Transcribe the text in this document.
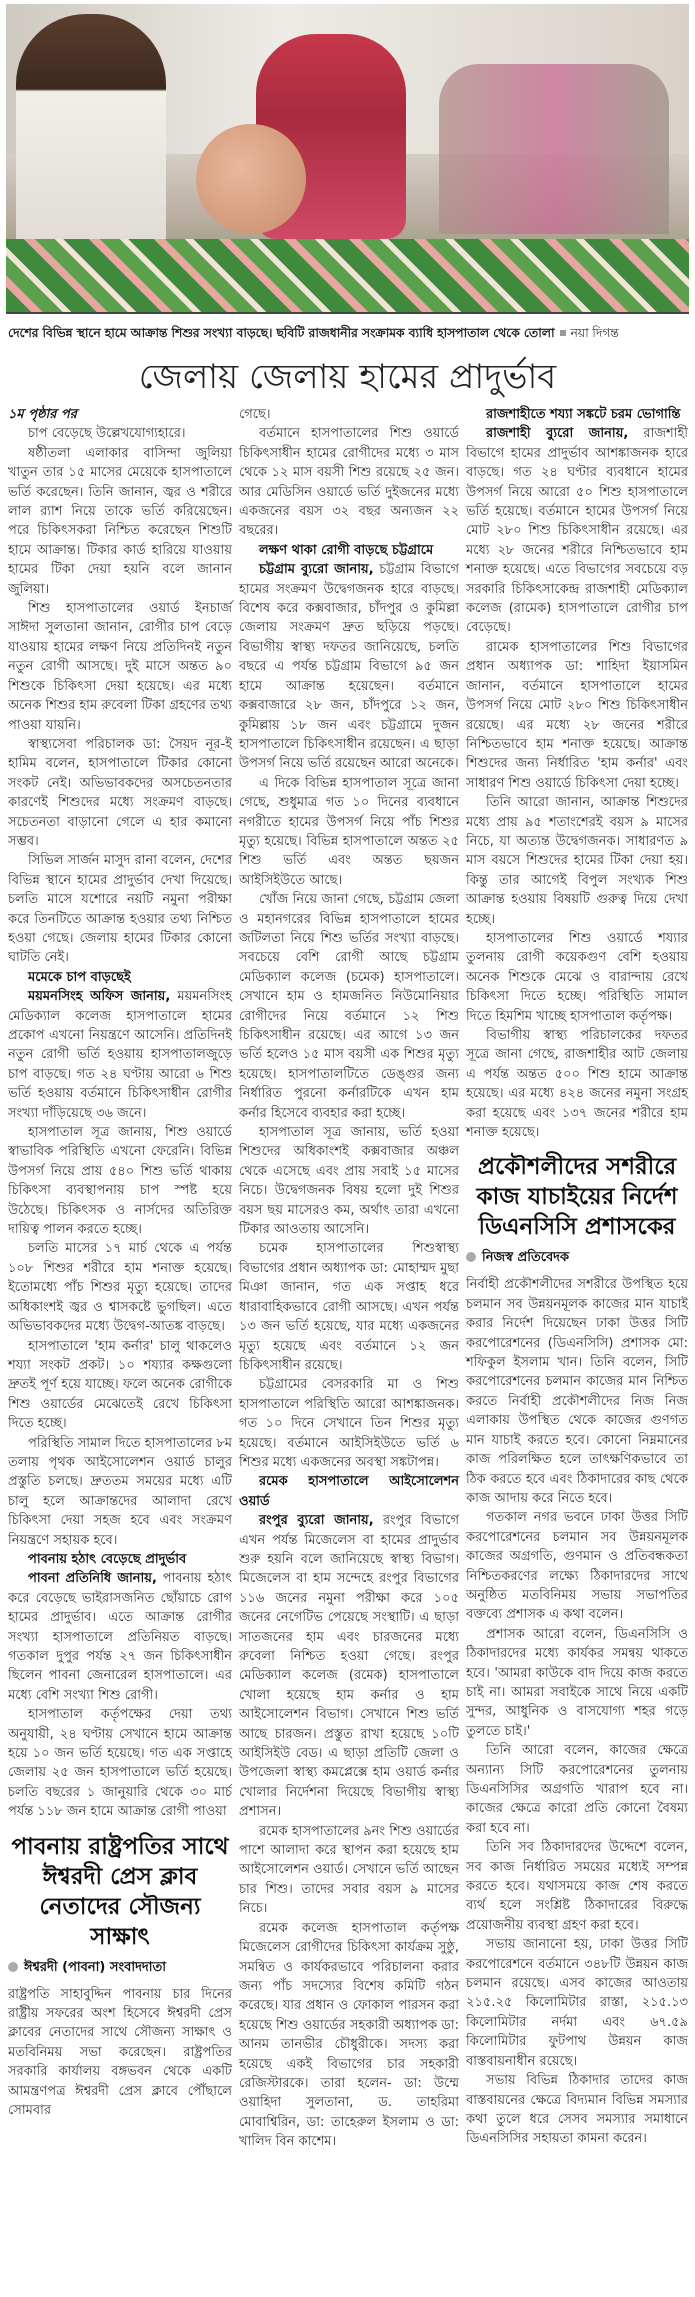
দেশের বিভিন্ন স্থানে হামে আক্রান্ত শিশুর সংখ্যা বাড়ছে। ছবিটি রাজধানীর সংক্রামক ব্যাধি হাসপাতাল থেকে তোলা নয়া দিগন্ত
জেলায় জেলায় হামের প্রাদুর্ভাব

১ম পৃষ্ঠার পর

চাপ বেড়েছে উল্লেখযোগ্যহারে।

ষষ্ঠীতলা এলাকার বাসিন্দা জুলিয়া খাতুন তার ১৫ মাসের মেয়েকে হাসপাতালে ভর্তি করেছেন। তিনি জানান, জ্বর ও শরীরে লাল র‍্যাশ নিয়ে তাকে ভর্তি করিয়েছেন। পরে চিকিৎসকরা নিশ্চিত করেছেন শিশুটি হামে আক্রান্ত। টিকার কার্ড হারিয়ে যাওয়ায় হামের টিকা দেয়া হয়নি বলে জানান জুলিয়া।

শিশু হাসপাতালের ওয়ার্ড ইনচার্জ সাঈদা সুলতানা জানান, রোগীর চাপ বেড়ে যাওয়ায় হামের লক্ষণ নিয়ে প্রতিদিনই নতুন নতুন রোগী আসছে। দুই মাসে অন্তত ৯০ শিশুকে চিকিৎসা দেয়া হয়েছে। এর মধ্যে অনেক শিশুর হাম রুবেলা টিকা গ্রহণের তথ্য পাওয়া যায়নি।

স্বাস্থ্যসেবা পরিচালক ডা: সৈয়দ নূর-ই হামিম বলেন, হাসপাতালে টিকার কোনো সংকট নেই। অভিভাবকদের অসচেতনতার কারণেই শিশুদের মধ্যে সংক্রমণ বাড়ছে। সচেতনতা বাড়ানো গেলে এ হার কমানো সম্ভব।

সিভিল সার্জন মাসুদ রানা বলেন, দেশের বিভিন্ন স্থানে হামের প্রাদুর্ভাব দেখা দিয়েছে। চলতি মাসে যশোরে নয়টি নমুনা পরীক্ষা করে তিনটিতে আক্রান্ত হওয়ার তথ্য নিশ্চিত হওয়া গেছে। জেলায় হামের টিকার কোনো ঘাটতি নেই।

মমেকে চাপ বাড়ছেই

ময়মনসিংহ অফিস জানায়, ময়মনসিংহ মেডিক্যাল কলেজ হাসপাতালে হামের প্রকোপ এখনো নিয়ন্ত্রণে আসেনি। প্রতিদিনই নতুন রোগী ভর্তি হওয়ায় হাসপাতালজুড়ে চাপ বাড়ছে। গত ২৪ ঘণ্টায় আরো ৬ শিশু ভর্তি হওয়ায় বর্তমানে চিকিৎসাধীন রোগীর সংখ্যা দাঁড়িয়েছে ৩৬ জনে।

হাসপাতাল সূত্র জানায়, শিশু ওয়ার্ডে স্বাভাবিক পরিস্থিতি এখনো ফেরেনি। বিভিন্ন উপসর্গ নিয়ে প্রায় ৫৪০ শিশু ভর্তি থাকায় চিকিৎসা ব্যবস্থাপনায় চাপ স্পষ্ট হয়ে উঠেছে। চিকিৎসক ও নার্সদের অতিরিক্ত দায়িত্ব পালন করতে হচ্ছে।

চলতি মাসের ১৭ মার্চ থেকে এ পর্যন্ত ১০৮ শিশুর শরীরে হাম শনাক্ত হয়েছে। ইতোমধ্যে পাঁচ শিশুর মৃত্যু হয়েছে। তাদের অধিকাংশই জ্বর ও শ্বাসকষ্টে ভুগছিল। এতে অভিভাবকদের মধ্যে উদ্বেগ-আতঙ্ক বাড়ছে।

হাসপাতালে 'হাম কর্নার' চালু থাকলেও শয্যা সংকট প্রকট। ১০ শয্যার কক্ষগুলো দ্রুতই পূর্ণ হয়ে যাচ্ছে। ফলে অনেক রোগীকে শিশু ওয়ার্ডের মেঝেতেই রেখে চিকিৎসা দিতে হচ্ছে।

পরিস্থিতি সামাল দিতে হাসপাতালের ৮ম তলায় পৃথক আইসোলেশন ওয়ার্ড চালুর প্রস্তুতি চলছে। দ্রুততম সময়ের মধ্যে এটি চালু হলে আক্রান্তদের আলাদা রেখে চিকিৎসা দেয়া সহজ হবে এবং সংক্রমণ নিয়ন্ত্রণে সহায়ক হবে।

পাবনায় হঠাৎ বেড়েছে প্রাদুর্ভাব

পাবনা প্রতিনিধি জানায়, পাবনায় হঠাৎ করে বেড়েছে ভাইরাসজনিত ছোঁয়াচে রোগ হামের প্রাদুর্ভাব। এতে আক্রান্ত রোগীর সংখ্যা হাসপাতালে প্রতিনিয়ত বাড়ছে। গতকাল দুপুর পর্যন্ত ২৭ জন চিকিৎসাধীন ছিলেন পাবনা জেনারেল হাসপাতালে। এর মধ্যে বেশি সংখ্যা শিশু রোগী।

হাসপাতাল কর্তৃপক্ষের দেয়া তথ্য অনুযায়ী, ২৪ ঘণ্টায় সেখানে হামে আক্রান্ত হয়ে ১০ জন ভর্তি হয়েছে। গত এক সপ্তাহে জেলায় ২৫ জন হাসপাতালে ভর্তি হয়েছে। চলতি বছরের ১ জানুয়ারি থেকে ৩০ মার্চ পর্যন্ত ১১৮ জন হামে আক্রান্ত রোগী পাওয়া

পাবনায় রাষ্ট্রপতির সাথে ঈশ্বরদী প্রেস ক্লাব নেতাদের সৌজন্য সাক্ষাৎ
ঈশ্বরদী (পাবনা) সংবাদদাতা

রাষ্ট্রপতি সাহাবুদ্দিন পাবনায় চার দিনের রাষ্ট্রীয় সফরের অংশ হিসেবে ঈশ্বরদী প্রেস ক্লাবের নেতাদের সাথে সৌজন্য সাক্ষাৎ ও মতবিনিময় সভা করেছেন। রাষ্ট্রপতির সরকারি কার্যালয় বঙ্গভবন থেকে একটি আমন্ত্রণপত্র ঈশ্বরদী প্রেস ক্লাবে পৌঁছালে সোমবার

গেছে।

বর্তমানে হাসপাতালের শিশু ওয়ার্ডে চিকিৎসাধীন হামের রোগীদের মধ্যে ৩ মাস থেকে ১২ মাস বয়সী শিশু রয়েছে ২৫ জন। আর মেডিসিন ওয়ার্ডে ভর্তি দুইজনের মধ্যে একজনের বয়স ৩২ বছর অন্যজন ২২ বছরের।

লক্ষণ থাকা রোগী বাড়ছে চট্টগ্রামে

চট্টগ্রাম ব্যুরো জানায়, চট্টগ্রাম বিভাগে হামের সংক্রমণ উদ্বেগজনক হারে বাড়ছে। বিশেষ করে কক্সবাজার, চাঁদপুর ও কুমিল্লা জেলায় সংক্রমণ দ্রুত ছড়িয়ে পড়ছে। বিভাগীয় স্বাস্থ্য দফতর জানিয়েছে, চলতি বছরে এ পর্যন্ত চট্টগ্রাম বিভাগে ৯৫ জন হামে আক্রান্ত হয়েছেন। বর্তমানে কক্সবাজারে ২৮ জন, চাঁদপুরে ১২ জন, কুমিল্লায় ১৮ জন এবং চট্টগ্রামে দুজন হাসপাতালে চিকিৎসাধীন রয়েছেন। এ ছাড়া উপসর্গ নিয়ে ভর্তি রয়েছেন আরো অনেকে।

এ দিকে বিভিন্ন হাসপাতাল সূত্রে জানা গেছে, শুধুমাত্র গত ১০ দিনের ব্যবধানে নগরীতে হামের উপসর্গ নিয়ে পাঁচ শিশুর মৃত্যু হয়েছে। বিভিন্ন হাসপাতালে অন্তত ২৫ শিশু ভর্তি এবং অন্তত ছয়জন আইসিইউতে আছে।

খোঁজ নিয়ে জানা গেছে, চট্টগ্রাম জেলা ও মহানগরের বিভিন্ন হাসপাতালে হামের জটিলতা নিয়ে শিশু ভর্তির সংখ্যা বাড়ছে। সবচেয়ে বেশি রোগী আছে চট্টগ্রাম মেডিক্যাল কলেজ (চমেক) হাসপাতালে। সেখানে হাম ও হামজনিত নিউমোনিয়ার রোগীদের নিয়ে বর্তমানে ১২ শিশু চিকিৎসাধীন রয়েছে। এর আগে ১৩ জন ভর্তি হলেও ১৫ মাস বয়সী এক শিশুর মৃত্যু হয়েছে। হাসপাতালটিতে ডেঙ্গুর জন্য নির্ধারিত পুরনো কর্নারটিকে এখন হাম কর্নার হিসেবে ব্যবহার করা হচ্ছে।

হাসপাতাল সূত্র জানায়, ভর্তি হওয়া শিশুদের অধিকাংশই কক্সবাজার অঞ্চল থেকে এসেছে এবং প্রায় সবাই ১৫ মাসের নিচে। উদ্বেগজনক বিষয় হলো দুই শিশুর বয়স ছয় মাসেরও কম, অর্থাৎ তারা এখনো টিকার আওতায় আসেনি।

চমেক হাসপাতালের শিশুস্বাস্থ্য বিভাগের প্রধান অধ্যাপক ডা: মোহাম্মদ মুছা মিঞা জানান, গত এক সপ্তাহ ধরে ধারাবাহিকভাবে রোগী আসছে। এখন পর্যন্ত ১৩ জন ভর্তি হয়েছে, যার মধ্যে একজনের মৃত্যু হয়েছে এবং বর্তমানে ১২ জন চিকিৎসাধীন রয়েছে।

চট্টগ্রামের বেসরকারি মা ও শিশু হাসপাতালে পরিস্থিতি আরো আশঙ্কাজনক। গত ১০ দিনে সেখানে তিন শিশুর মৃত্যু হয়েছে। বর্তমানে আইসিইউতে ভর্তি ৬ শিশুর মধ্যে একজনের অবস্থা সঙ্কটাপন্ন।

রমেক হাসপাতালে আইসোলেশন ওয়ার্ড

রংপুর ব্যুরো জানায়, রংপুর বিভাগে এখন পর্যন্ত মিজেলেস বা হামের প্রাদুর্ভাব শুরু হয়নি বলে জানিয়েছে স্বাস্থ্য বিভাগ। মিজেলেস বা হাম সন্দেহে রংপুর বিভাগের ১১৬ জনের নমুনা পরীক্ষা করে ১০৫ জনের নেগেটিভ পেয়েছে সংস্থাটি। এ ছাড়া সাতজনের হাম এবং চারজনের মধ্যে রুবেলা নিশ্চিত হওয়া গেছে। রংপুর মেডিক্যাল কলেজ (রমেক) হাসপাতালে খোলা হয়েছে হাম কর্নার ও হাম আইসোলেশন বিভাগ। সেখানে শিশু ভর্তি আছে চারজন। প্রস্তুত রাখা হয়েছে ১০টি আইসিইউ বেড। এ ছাড়া প্রতিটি জেলা ও উপজেলা স্বাস্থ্য কমপ্লেক্সে হাম ওয়ার্ড কর্নার খোলার নির্দেশনা দিয়েছে বিভাগীয় স্বাস্থ্য প্রশাসন।

রমেক হাসপাতালের ৯নং শিশু ওয়ার্ডের পাশে আলাদা করে স্থাপন করা হয়েছে হাম আইসোলেশন ওয়ার্ড। সেখানে ভর্তি আছেন চার শিশু। তাদের সবার বয়স ৯ মাসের নিচে।

রমেক কলেজ হাসপাতাল কর্তৃপক্ষ মিজেলেস রোগীদের চিকিৎসা কার্যক্রম সুষ্ঠু, সমন্বিত ও কার্যকরভাবে পরিচালনা করার জন্য পাঁচ সদস্যের বিশেষ কমিটি গঠন করেছে। যার প্রধান ও ফোকাল পারসন করা হয়েছে শিশু ওয়ার্ডের সহকারী অধ্যাপক ডা: আনম তানভীর চৌধুরীকে। সদস্য করা হয়েছে একই বিভাগের চার সহকারী রেজিস্টারকে। তারা হলেন- ডা: উম্মে ওয়াহিদা সুলতানা, ড. তাহরিমা মোবাশ্বিরিন, ডা: তাহেরুল ইসলাম ও ডা: খালিদ বিন কাশেম।

রাজশাহীতে শয্যা সঙ্কটে চরম ভোগান্তি

রাজশাহী ব্যুরো জানায়, রাজশাহী বিভাগে হামের প্রাদুর্ভাব আশঙ্কাজনক হারে বাড়ছে। গত ২৪ ঘণ্টার ব্যবধানে হামের উপসর্গ নিয়ে আরো ৫০ শিশু হাসপাতালে ভর্তি হয়েছে। বর্তমানে হামের উপসর্গ নিয়ে মোট ২৮০ শিশু চিকিৎসাধীন রয়েছে। এর মধ্যে ২৮ জনের শরীরে নিশ্চিতভাবে হাম শনাক্ত হয়েছে। এতে বিভাগের সবচেয়ে বড় সরকারি চিকিৎসাকেন্দ্র রাজশাহী মেডিক্যাল কলেজ (রামেক) হাসপাতালে রোগীর চাপ বেড়েছে।

রামেক হাসপাতালের শিশু বিভাগের প্রধান অধ্যাপক ডা: শাহিদা ইয়াসমিন জানান, বর্তমানে হাসপাতালে হামের উপসর্গ নিয়ে মোট ২৮০ শিশু চিকিৎসাধীন রয়েছে। এর মধ্যে ২৮ জনের শরীরে নিশ্চিতভাবে হাম শনাক্ত হয়েছে। আক্রান্ত শিশুদের জন্য নির্ধারিত 'হাম কর্নার' এবং সাধারণ শিশু ওয়ার্ডে চিকিৎসা দেয়া হচ্ছে।

তিনি আরো জানান, আক্রান্ত শিশুদের মধ্যে প্রায় ৯৫ শতাংশেরই বয়স ৯ মাসের নিচে, যা অত্যন্ত উদ্বেগজনক। সাধারণত ৯ মাস বয়সে শিশুদের হামের টিকা দেয়া হয়। কিন্তু তার আগেই বিপুল সংখ্যক শিশু আক্রান্ত হওয়ায় বিষয়টি গুরুত্ব দিয়ে দেখা হচ্ছে।

হাসপাতালের শিশু ওয়ার্ডে শয্যার তুলনায় রোগী কয়েকগুণ বেশি হওয়ায় অনেক শিশুকে মেঝে ও বারান্দায় রেখে চিকিৎসা দিতে হচ্ছে। পরিস্থিতি সামাল দিতে হিমশিম খাচ্ছে হাসপাতাল কর্তৃপক্ষ।

বিভাগীয় স্বাস্থ্য পরিচালকের দফতর সূত্রে জানা গেছে, রাজশাহীর আট জেলায় এ পর্যন্ত অন্তত ৫০০ শিশু হামে আক্রান্ত হয়েছে। এর মধ্যে ৪২৪ জনের নমুনা সংগ্রহ করা হয়েছে এবং ১৩৭ জনের শরীরে হাম শনাক্ত হয়েছে।

প্রকৌশলীদের সশরীরে কাজ যাচাইয়ের নির্দেশ ডিএনসিসি প্রশাসকের
নিজস্ব প্রতিবেদক

নির্বাহী প্রকৌশলীদের সশরীরে উপস্থিত হয়ে চলমান সব উন্নয়নমূলক কাজের মান যাচাই করার নির্দেশ দিয়েছেন ঢাকা উত্তর সিটি করপোরেশনের (ডিএনসিসি) প্রশাসক মো: শফিকুল ইসলাম খান। তিনি বলেন, সিটি করপোরেশনের চলমান কাজের মান নিশ্চিত করতে নির্বাহী প্রকৌশলীদের নিজ নিজ এলাকায় উপস্থিত থেকে কাজের গুণগত মান যাচাই করতে হবে। কোনো নিম্নমানের কাজ পরিলক্ষিত হলে তাৎক্ষণিকভাবে তা ঠিক করতে হবে এবং ঠিকাদারের কাছ থেকে কাজ আদায় করে নিতে হবে।

গতকাল নগর ভবনে ঢাকা উত্তর সিটি করপোরেশনের চলমান সব উন্নয়নমূলক কাজের অগ্রগতি, গুণমান ও প্রতিবন্ধকতা নিশ্চিতকরণের লক্ষ্যে ঠিকাদারদের সাথে অনুষ্ঠিত মতবিনিময় সভায় সভাপতির বক্তব্যে প্রশাসক এ কথা বলেন।

প্রশাসক আরো বলেন, ডিএনসিসি ও ঠিকাদারদের মধ্যে কার্যকর সমন্বয় থাকতে হবে। 'আমরা কাউকে বাদ দিয়ে কাজ করতে চাই না। আমরা সবাইকে সাথে নিয়ে একটি সুন্দর, আধুনিক ও বাসযোগ্য শহর গড়ে তুলতে চাই।'

তিনি আরো বলেন, কাজের ক্ষেত্রে অন্যান্য সিটি করপোরেশনের তুলনায় ডিএনসিসির অগ্রগতি খারাপ হবে না। কাজের ক্ষেত্রে কারো প্রতি কোনো বৈষম্য করা হবে না।

তিনি সব ঠিকাদারদের উদ্দেশে বলেন, সব কাজ নির্ধারিত সময়ের মধ্যেই সম্পন্ন করতে হবে। যথাসময়ে কাজ শেষ করতে ব্যর্থ হলে সংশ্লিষ্ট ঠিকাদারের বিরুদ্ধে প্রয়োজনীয় ব্যবস্থা গ্রহণ করা হবে।

সভায় জানানো হয়, ঢাকা উত্তর সিটি করপোরেশনে বর্তমানে ৩৪৮টি উন্নয়ন কাজ চলমান রয়েছে। এসব কাজের আওতায় ২১৫.২৫ কিলোমিটার রাস্তা, ২১৫.১৩ কিলোমিটার নর্দমা এবং ৬৭.৫৯ কিলোমিটার ফুটপাথ উন্নয়ন কাজ বাস্তবায়নাধীন রয়েছে।

সভায় বিভিন্ন ঠিকাদার তাদের কাজ বাস্তবায়নের ক্ষেত্রে বিদ্যমান বিভিন্ন সমস্যার কথা তুলে ধরে সেসব সমস্যার সমাধানে ডিএনসিসির সহায়তা কামনা করেন।
